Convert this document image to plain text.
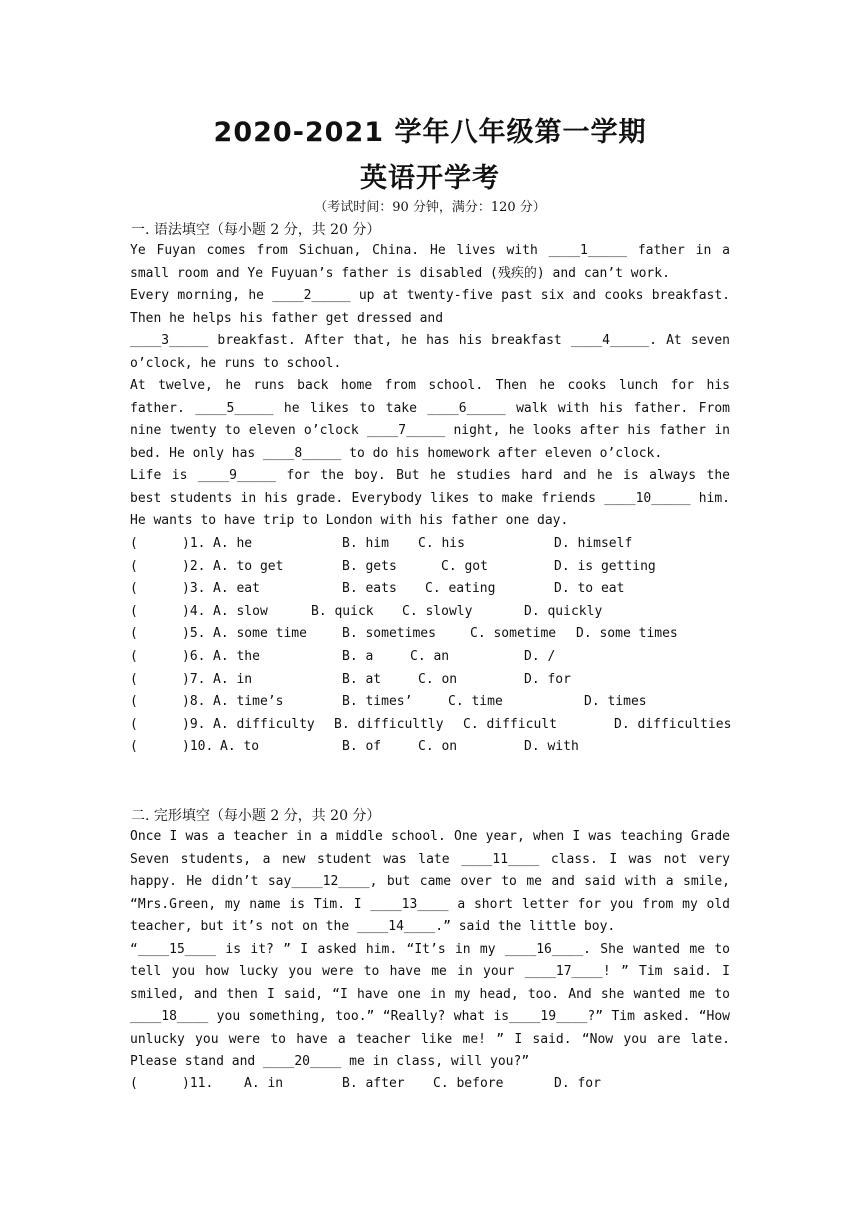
2020-2021 学年八年级第一学期
英语开学考
（考试时间：90 分钟，满分：120 分）
一. 语法填空（每小题 2 分，共 20 分）

Ye Fuyan comes from Sichuan, China. He lives with ____1_____ father in a small room and Ye Fuyuan’s father is disabled (残疾的) and can’t work.

Every morning, he ____2_____ up at twenty-five past six and cooks breakfast. Then he helps his father get dressed and

____3_____ breakfast. After that, he has his breakfast ____4_____. At seven o’clock, he runs to school.

At twelve, he runs back home from school. Then he cooks lunch for his father. ____5_____ he likes to take ____6_____ walk with his father. From nine twenty to eleven o’clock ____7_____ night, he looks after his father in bed. He only has ____8_____ to do his homework after eleven o’clock.

Life is ____9_____ for the boy. But he studies hard and he is always the best students in his grade. Everybody likes to make friends ____10_____ him. He wants to have trip to London with his father one day.

(	)1. A. he	B. him C. his	D. himself
(	)2. A. to get	B. gets	C. got	D. is getting
(	)3. A. eat	B. eats C. eating	D. to eat
(	)4. A. slow	B. quick C. slowly	D. quickly
(	)5. A. some time	B. sometimes	C. sometime D. some times
(	)6. A. the	B. a	C. an	D. /
(	)7. A. in	B. at	C. on	D. for
(	)8. A. time’s	B. times’	C. time	D. times
(	)9. A. difficulty B. difficultly C. difficult	D. difficulties
(	)10. A. to	B. of	C. on	D. with
二. 完形填空（每小题 2 分，共 20 分）

Once I was a teacher in a middle school. One year, when I was teaching Grade Seven students, a new student was late ____11____ class. I was not very happy. He didn’t say____12____, but came over to me and said with a smile, “Mrs.Green, my name is Tim. I ____13____ a short letter for you from my old teacher, but it’s not on the ____14____.” said the little boy.

“____15____ is it? ” I asked him. “It’s in my ____16____. She wanted me to tell you how lucky you were to have me in your ____17____! ” Tim said. I smiled, and then I said, “I have one in my head, too. And she wanted me to ____18____ you something, too.” “Really? what is____19____?” Tim asked. “How unlucky you were to have a teacher like me! ” I said. “Now you are late. Please stand and ____20____ me in class, will you?”

(	)11. A. in	B. after C. before	D. for
